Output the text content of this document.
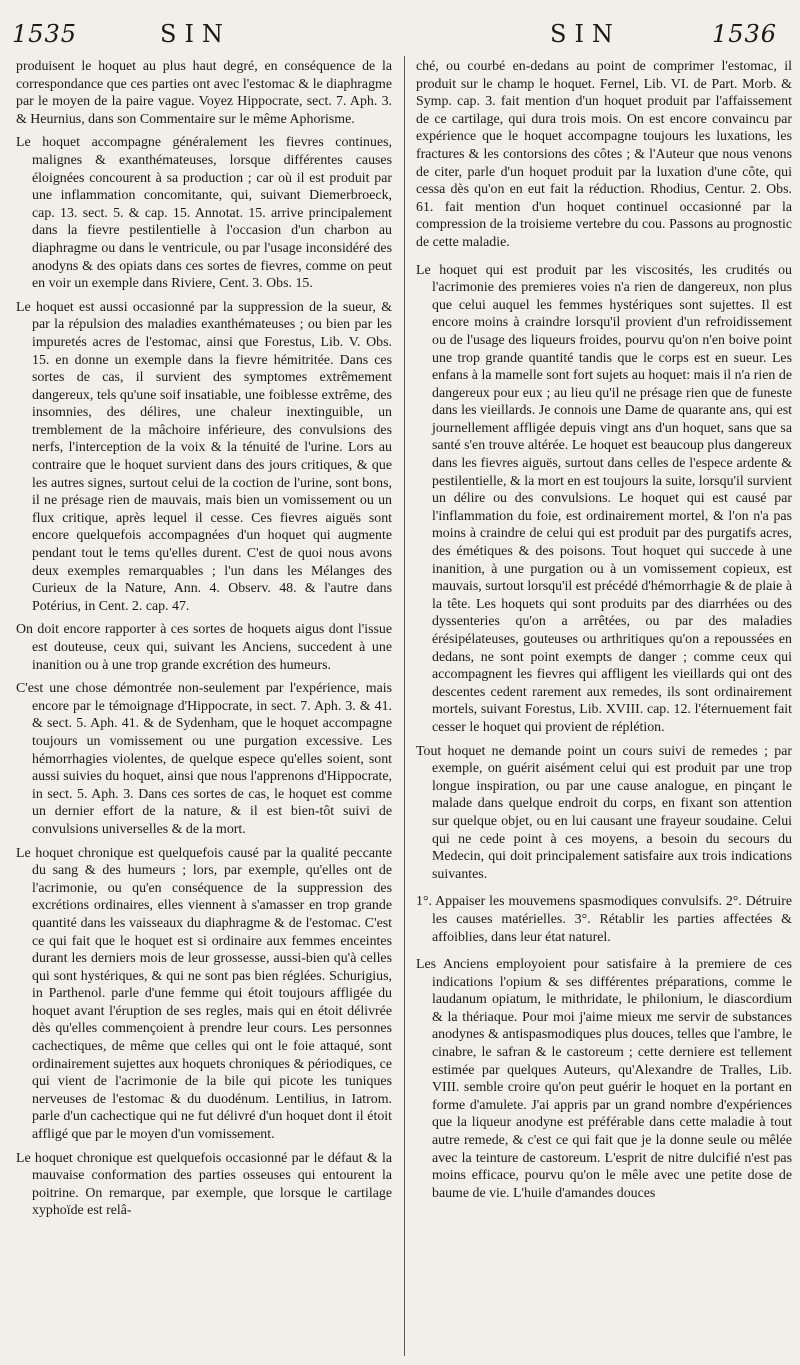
1535	SIN	SIN	1536

produisent le hoquet au plus haut degré, en conséquence de la correspondance que ces parties ont avec l'estomac & le diaphragme par le moyen de la paire vague. Voyez Hippocrate, sect. 7. Aph. 3. & Heurnius, dans son Commentaire sur le même Aphorisme.

Le hoquet accompagne généralement les fievres continues, malignes & exanthémateuses, lorsque différentes causes éloignées concourent à sa production ; car où il est produit par une inflammation concomitante, qui, suivant Diemerbroeck, cap. 13. sect. 5. & cap. 15. Annotat. 15. arrive principalement dans la fievre pestilentielle à l'occasion d'un charbon au diaphragme ou dans le ventricule, ou par l'usage inconsidéré des anodyns & des opiats dans ces sortes de fievres, comme on peut en voir un exemple dans Riviere, Cent. 3. Obs. 15.

Le hoquet est aussi occasionné par la suppression de la sueur, & par la répulsion des maladies exanthémateuses ; ou bien par les impuretés acres de l'estomac, ainsi que Forestus, Lib. V. Obs. 15. en donne un exemple dans la fievre hémitritée. Dans ces sortes de cas, il survient des symptomes extrêmement dangereux, tels qu'une soif insatiable, une foiblesse extrême, des insomnies, des délires, une chaleur inextinguible, un tremblement de la mâchoire inférieure, des convulsions des nerfs, l'interception de la voix & la ténuité de l'urine. Lors au contraire que le hoquet survient dans des jours critiques, & que les autres signes, surtout celui de la coction de l'urine, sont bons, il ne présage rien de mauvais, mais bien un vomissement ou un flux critique, après lequel il cesse. Ces fievres aiguës sont encore quelquefois accompagnées d'un hoquet qui augmente pendant tout le tems qu'elles durent. C'est de quoi nous avons deux exemples remarquables ; l'un dans les Mélanges des Curieux de la Nature, Ann. 4. Observ. 48. & l'autre dans Potérius, in Cent. 2. cap. 47.

On doit encore rapporter à ces sortes de hoquets aigus dont l'issue est douteuse, ceux qui, suivant les Anciens, succedent à une inanition ou à une trop grande excrétion des humeurs.

C'est une chose démontrée non-seulement par l'expérience, mais encore par le témoignage d'Hippocrate, in sect. 7. Aph. 3. & 41. & sect. 5. Aph. 41. & de Sydenham, que le hoquet accompagne toujours un vomissement ou une purgation excessive. Les hémorrhagies violentes, de quelque espece qu'elles soient, sont aussi suivies du hoquet, ainsi que nous l'apprenons d'Hippocrate, in sect. 5. Aph. 3. Dans ces sortes de cas, le hoquet est comme un dernier effort de la nature, & il est bien-tôt suivi de convulsions universelles & de la mort.

Le hoquet chronique est quelquefois causé par la qualité peccante du sang & des humeurs ; lors, par exemple, qu'elles ont de l'acrimonie, ou qu'en conséquence de la suppression des excrétions ordinaires, elles viennent à s'amasser en trop grande quantité dans les vaisseaux du diaphragme & de l'estomac. C'est ce qui fait que le hoquet est si ordinaire aux femmes enceintes durant les derniers mois de leur grossesse, aussi-bien qu'à celles qui sont hystériques, & qui ne sont pas bien réglées. Schurigius, in Parthenol. parle d'une femme qui étoit toujours affligée du hoquet avant l'éruption de ses regles, mais qui en étoit délivrée dès qu'elles commençoient à prendre leur cours. Les personnes cachectiques, de même que celles qui ont le foie attaqué, sont ordinairement sujettes aux hoquets chroniques & périodiques, ce qui vient de l'acrimonie de la bile qui picote les tuniques nerveuses de l'estomac & du duodénum. Lentilius, in Iatrom. parle d'un cachectique qui ne fut délivré d'un hoquet dont il étoit affligé que par le moyen d'un vomissement.

Le hoquet chronique est quelquefois occasionné par le défaut & la mauvaise conformation des parties osseuses qui entourent la poitrine. On remarque, par exemple, que lorsque le cartilage xyphoïde est relâ-

ché, ou courbé en-dedans au point de comprimer l'estomac, il produit sur le champ le hoquet. Fernel, Lib. VI. de Part. Morb. & Symp. cap. 3. fait mention d'un hoquet produit par l'affaissement de ce cartilage, qui dura trois mois. On est encore convaincu par expérience que le hoquet accompagne toujours les luxations, les fractures & les contorsions des côtes ; & l'Auteur que nous venons de citer, parle d'un hoquet produit par la luxation d'une côte, qui cessa dès qu'on en eut fait la réduction. Rhodius, Centur. 2. Obs. 61. fait mention d'un hoquet continuel occasionné par la compression de la troisieme vertebre du cou. Passons au prognostic de cette maladie.

Le hoquet qui est produit par les viscosités, les crudités ou l'acrimonie des premieres voies n'a rien de dangereux, non plus que celui auquel les femmes hystériques sont sujettes. Il est encore moins à craindre lorsqu'il provient d'un refroidissement ou de l'usage des liqueurs froides, pourvu qu'on n'en boive point une trop grande quantité tandis que le corps est en sueur. Les enfans à la mamelle sont fort sujets au hoquet: mais il n'a rien de dangereux pour eux ; au lieu qu'il ne présage rien que de funeste dans les vieillards. Je connois une Dame de quarante ans, qui est journellement affligée depuis vingt ans d'un hoquet, sans que sa santé s'en trouve altérée. Le hoquet est beaucoup plus dangereux dans les fievres aiguës, surtout dans celles de l'espece ardente & pestilentielle, & la mort en est toujours la suite, lorsqu'il survient un délire ou des convulsions. Le hoquet qui est causé par l'inflammation du foie, est ordinairement mortel, & l'on n'a pas moins à craindre de celui qui est produit par des purgatifs acres, des émétiques & des poisons. Tout hoquet qui succede à une inanition, à une purgation ou à un vomissement copieux, est mauvais, surtout lorsqu'il est précédé d'hémorrhagie & de plaie à la tête. Les hoquets qui sont produits par des diarrhées ou des dyssenteries qu'on a arrêtées, ou par des maladies érésipélateuses, gouteuses ou arthritiques qu'on a repoussées en dedans, ne sont point exempts de danger ; comme ceux qui accompagnent les fievres qui affligent les vieillards qui ont des descentes cedent rarement aux remedes, ils sont ordinairement mortels, suivant Forestus, Lib. XVIII. cap. 12. l'éternuement fait cesser le hoquet qui provient de réplétion.

Tout hoquet ne demande point un cours suivi de remedes ; par exemple, on guérit aisément celui qui est produit par une trop longue inspiration, ou par une cause analogue, en pinçant le malade dans quelque endroit du corps, en fixant son attention sur quelque objet, ou en lui causant une frayeur soudaine. Celui qui ne cede point à ces moyens, a besoin du secours du Medecin, qui doit principalement satisfaire aux trois indications suivantes.

1°. Appaiser les mouvemens spasmodiques convulsifs. 2°. Détruire les causes matérielles. 3°. Rétablir les parties affectées & affoiblies, dans leur état naturel.

Les Anciens employoient pour satisfaire à la premiere de ces indications l'opium & ses différentes préparations, comme le laudanum opiatum, le mithridate, le philonium, le diascordium & la thériaque. Pour moi j'aime mieux me servir de substances anodynes & antispasmodiques plus douces, telles que l'ambre, le cinabre, le safran & le castoreum ; cette derniere est tellement estimée par quelques Auteurs, qu'Alexandre de Tralles, Lib. VIII. semble croire qu'on peut guérir le hoquet en la portant en forme d'amulete. J'ai appris par un grand nombre d'expériences que la liqueur anodyne est préférable dans cette maladie à tout autre remede, & c'est ce qui fait que je la donne seule ou mêlée avec la teinture de castoreum. L'esprit de nitre dulcifié n'est pas moins efficace, pourvu qu'on le mêle avec une petite dose de baume de vie. L'huile d'amandes douces
